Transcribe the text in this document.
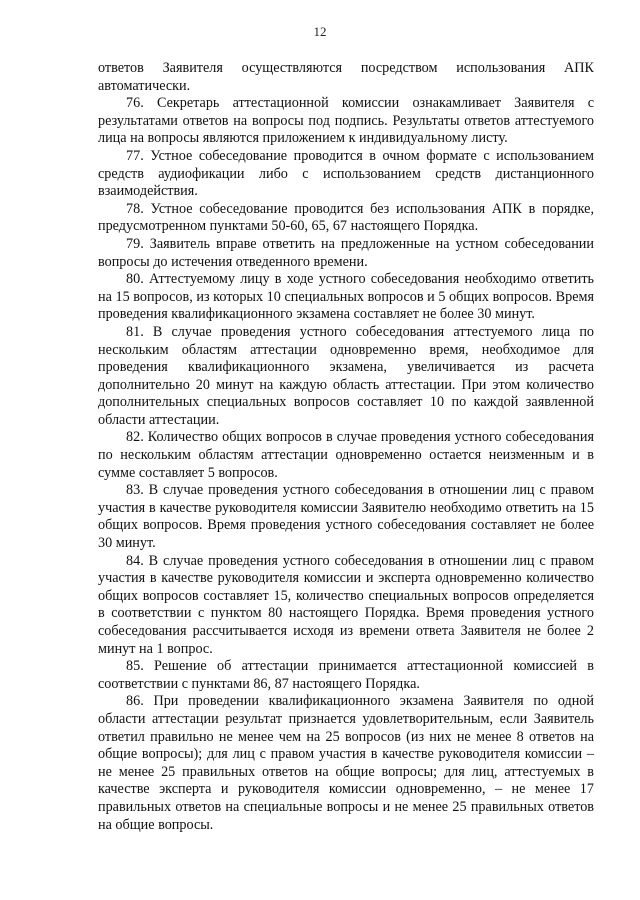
12

ответов Заявителя осуществляются посредством использования АПК автоматически.

76. Секретарь аттестационной комиссии ознакамливает Заявителя с результатами ответов на вопросы под подпись. Результаты ответов аттестуемого лица на вопросы являются приложением к индивидуальному листу.

77. Устное собеседование проводится в очном формате с использованием средств аудиофикации либо с использованием средств дистанционного взаимодействия.

78. Устное собеседование проводится без использования АПК в порядке, предусмотренном пунктами 50-60, 65, 67 настоящего Порядка.

79. Заявитель вправе ответить на предложенные на устном собеседовании вопросы до истечения отведенного времени.

80. Аттестуемому лицу в ходе устного собеседования необходимо ответить на 15 вопросов, из которых 10 специальных вопросов и 5 общих вопросов. Время проведения квалификационного экзамена составляет не более 30 минут.

81. В случае проведения устного собеседования аттестуемого лица по нескольким областям аттестации одновременно время, необходимое для проведения квалификационного экзамена, увеличивается из расчета дополнительно 20 минут на каждую область аттестации. При этом количество дополнительных специальных вопросов составляет 10 по каждой заявленной области аттестации.

82. Количество общих вопросов в случае проведения устного собеседования по нескольким областям аттестации одновременно остается неизменным и в сумме составляет 5 вопросов.

83. В случае проведения устного собеседования в отношении лиц с правом участия в качестве руководителя комиссии Заявителю необходимо ответить на 15 общих вопросов. Время проведения устного собеседования составляет не более 30 минут.

84. В случае проведения устного собеседования в отношении лиц с правом участия в качестве руководителя комиссии и эксперта одновременно количество общих вопросов составляет 15, количество специальных вопросов определяется в соответствии с пунктом 80 настоящего Порядка. Время проведения устного собеседования рассчитывается исходя из времени ответа Заявителя не более 2 минут на 1 вопрос.

85. Решение об аттестации принимается аттестационной комиссией в соответствии с пунктами 86, 87 настоящего Порядка.

86. При проведении квалификационного экзамена Заявителя по одной области аттестации результат признается удовлетворительным, если Заявитель ответил правильно не менее чем на 25 вопросов (из них не менее 8 ответов на общие вопросы); для лиц с правом участия в качестве руководителя комиссии – не менее 25 правильных ответов на общие вопросы; для лиц, аттестуемых в качестве эксперта и руководителя комиссии одновременно, – не менее 17 правильных ответов на специальные вопросы и не менее 25 правильных ответов на общие вопросы.
